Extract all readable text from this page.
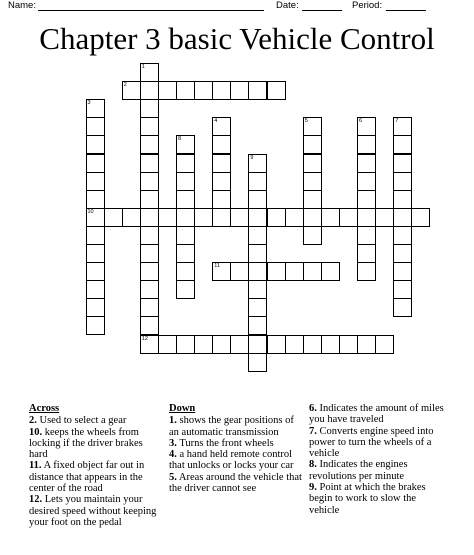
Name:	Date:	Period:
Chapter 3 basic Vehicle Control
1
2
3
4	5	6	7
8
9
10
11
12
Across
2. Used to select a gear
10. keeps the wheels from locking if the driver brakes hard
11. A fixed object far out in distance that appears in the center of the road
12. Lets you maintain your desired speed without keeping your foot on the pedal
Down
1. shows the gear positions of an automatic transmission
3. Turns the front wheels
4. a hand held remote control that unlocks or locks your car
5. Areas around the vehicle that the driver cannot see
6. Indicates the amount of miles you have traveled
7. Converts engine speed into power to turn the wheels of a vehicle
8. Indicates the engines revolutions per minute
9. Point at which the brakes begin to work to slow the vehicle
